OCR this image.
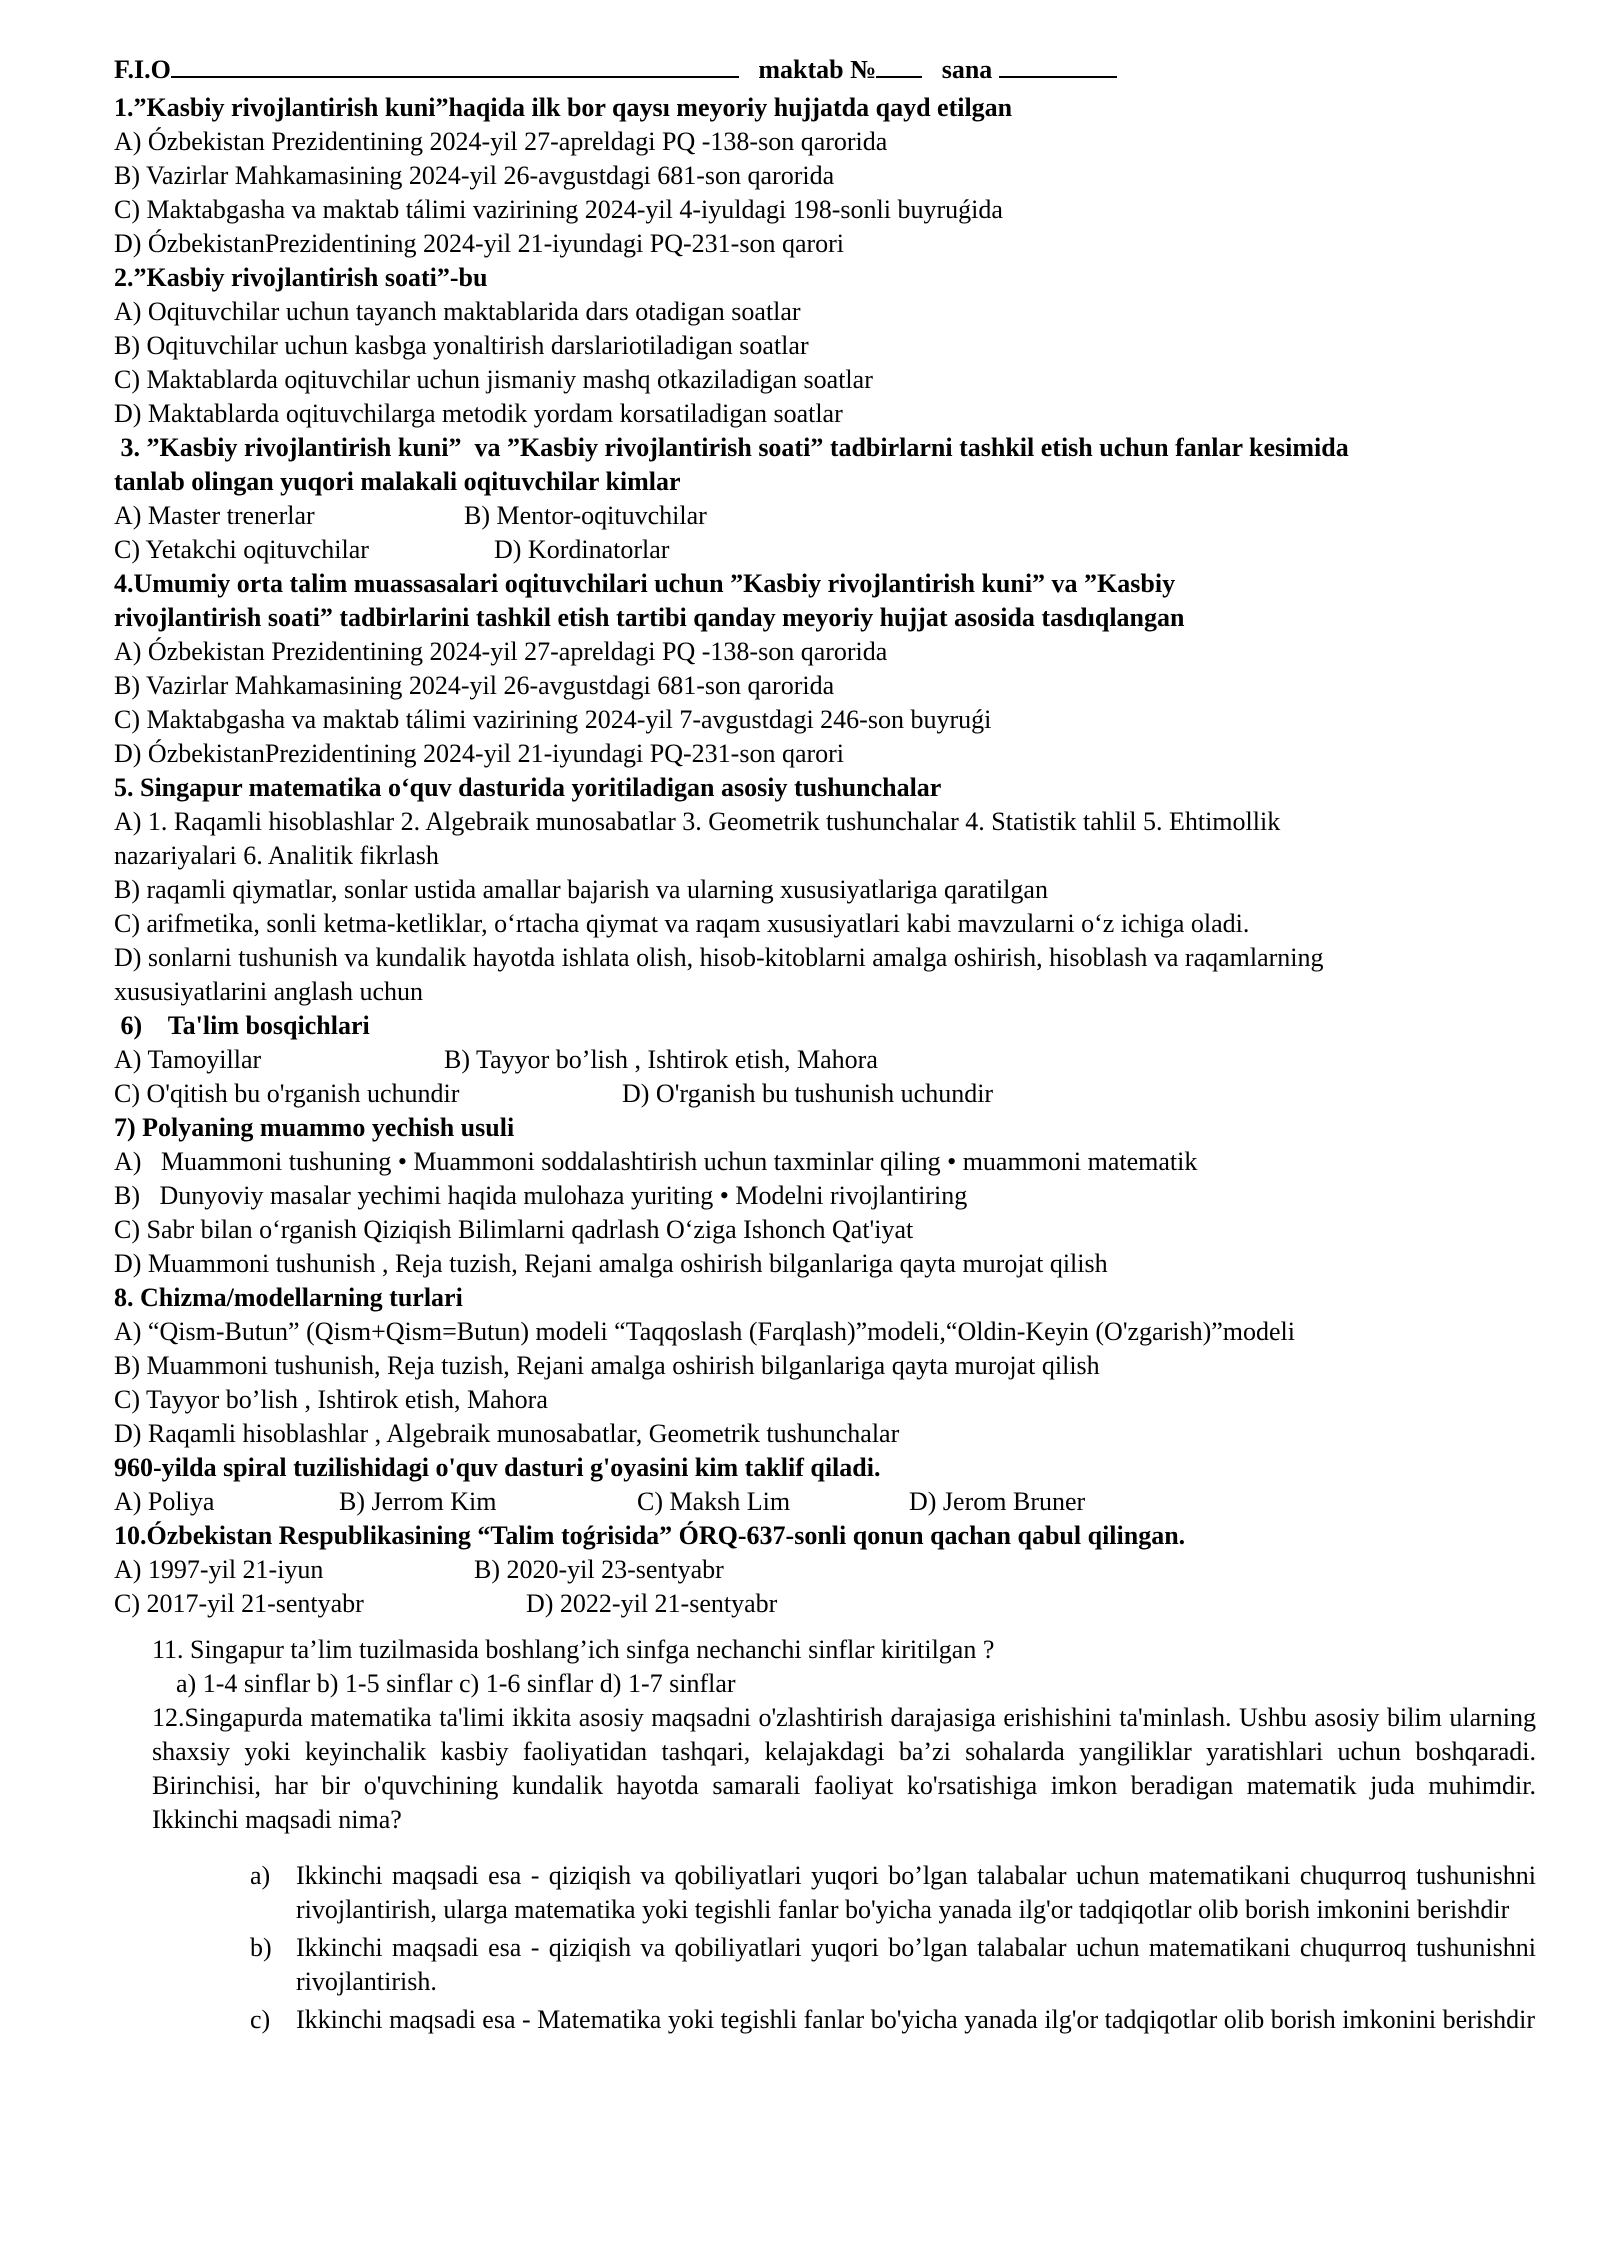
F.I.O	maktab №	sana
1.”Kasbiy rivojlantirish kuni”haqida ilk bor qaysı meyoriy hujjatda qayd etilgan
A) Ózbekistan Prezidentining 2024-yil 27-apreldagi PQ -138-son qarorida
B) Vazirlar Mahkamasining 2024-yil 26-avgustdagi 681-son qarorida
C) Maktabgasha va maktab tálimi vazirining 2024-yil 4-iyuldagi 198-sonli buyruǵida
D) ÓzbekistanPrezidentining 2024-yil 21-iyundagi PQ-231-son qarori
2.”Kasbiy rivojlantirish soati”-bu
A) Oqituvchilar uchun tayanch maktablarida dars otadigan soatlar
B) Oqituvchilar uchun kasbga yonaltirish darslariotiladigan soatlar
C) Maktablarda oqituvchilar uchun jismaniy mashq otkaziladigan soatlar
D) Maktablarda oqituvchilarga metodik yordam korsatiladigan soatlar
3. ”Kasbiy rivojlantirish kuni”  va ”Kasbiy rivojlantirish soati” tadbirlarni tashkil etish uchun fanlar kesimida
tanlab olingan yuqori malakali oqituvchilar kimlar
A) Master trenerlar	B) Mentor-oqituvchilar
C) Yetakchi oqituvchilar	D) Kordinatorlar
4.Umumiy orta talim muassasalari oqituvchilari uchun ”Kasbiy rivojlantirish kuni” va ”Kasbiy
rivojlantirish soati” tadbirlarini tashkil etish tartibi qanday meyoriy hujjat asosida tasdıqlangan
A) Ózbekistan Prezidentining 2024-yil 27-apreldagi PQ -138-son qarorida
B) Vazirlar Mahkamasining 2024-yil 26-avgustdagi 681-son qarorida
C) Maktabgasha va maktab tálimi vazirining 2024-yil 7-avgustdagi 246-son buyruǵi
D) ÓzbekistanPrezidentining 2024-yil 21-iyundagi PQ-231-son qarori
5. Singapur matematika o‘quv dasturida yoritiladigan asosiy tushunchalar
A) 1. Raqamli hisoblashlar 2. Algebraik munosabatlar 3. Geometrik tushunchalar 4. Statistik tahlil 5. Ehtimollik
nazariyalari 6. Analitik fikrlash
B) raqamli qiymatlar, sonlar ustida amallar bajarish va ularning xususiyatlariga qaratilgan
C) arifmetika, sonli ketma-ketliklar, o‘rtacha qiymat va raqam xususiyatlari kabi mavzularni o‘z ichiga oladi.
D) sonlarni tushunish va kundalik hayotda ishlata olish, hisob-kitoblarni amalga oshirish, hisoblash va raqamlarning
xususiyatlarini anglash uchun
6)    Ta'lim bosqichlari
A) Tamoyillar	B) Tayyor bo’lish , Ishtirok etish, Mahora
C) O'qitish bu o'rganish uchundir	D) O'rganish bu tushunish uchundir
7) Polyaning muammo yechish usuli
A)   Muammoni tushuning • Muammoni soddalashtirish uchun taxminlar qiling • muammoni matematik
B)   Dunyoviy masalar yechimi haqida mulohaza yuriting • Modelni rivojlantiring
C) Sabr bilan o‘rganish Qiziqish Bilimlarni qadrlash O‘ziga Ishonch Qat'iyat
D) Muammoni tushunish , Reja tuzish, Rejani amalga oshirish bilganlariga qayta murojat qilish
8. Chizma/modellarning turlari
A) “Qism-Butun” (Qism+Qism=Butun) modeli “Taqqoslash (Farqlash)”modeli,“Oldin-Keyin (O'zgarish)”modeli
B) Muammoni tushunish, Reja tuzish, Rejani amalga oshirish bilganlariga qayta murojat qilish
C) Tayyor bo’lish , Ishtirok etish, Mahora
D) Raqamli hisoblashlar , Algebraik munosabatlar, Geometrik tushunchalar
960-yilda spiral tuzilishidagi o'quv dasturi g'oyasini kim taklif qiladi.
A) Poliya	B) Jerrom Kim	C) Maksh Lim	D) Jerom Bruner
10.Ózbekistan Respublikasining “Talim toǵrisida” ÓRQ-637-sonli qonun qachan qabul qilingan.
A) 1997-yil 21-iyun	B) 2020-yil 23-sentyabr
C) 2017-yil 21-sentyabr	D) 2022-yil 21-sentyabr
11. Singapur ta’lim tuzilmasida boshlang’ich sinfga nechanchi sinflar kiritilgan ?
a) 1-4 sinflar b) 1-5 sinflar c) 1-6 sinflar d) 1-7 sinflar
12.Singapurda matematika ta'limi ikkita asosiy maqsadni o'zlashtirish darajasiga erishishini ta'minlash. Ushbu asosiy bilim ularning shaxsiy yoki keyinchalik kasbiy faoliyatidan tashqari, kelajakdagi ba’zi sohalarda yangiliklar yaratishlari uchun boshqaradi. Birinchisi, har bir o'quvchining kundalik hayotda samarali faoliyat ko'rsatishiga imkon beradigan matematik juda muhimdir. Ikkinchi maqsadi nima?
a) Ikkinchi maqsadi esa - qiziqish va qobiliyatlari yuqori bo’lgan talabalar uchun matematikani chuqurroq tushunishni rivojlantirish, ularga matematika yoki tegishli fanlar bo'yicha yanada ilg'or tadqiqotlar olib borish imkonini berishdir
b) Ikkinchi maqsadi esa - qiziqish va qobiliyatlari yuqori bo’lgan talabalar uchun matematikani chuqurroq tushunishni rivojlantirish.
c) Ikkinchi maqsadi esa - Matematika yoki tegishli fanlar bo'yicha yanada ilg'or tadqiqotlar olib borish imkonini berishdir
